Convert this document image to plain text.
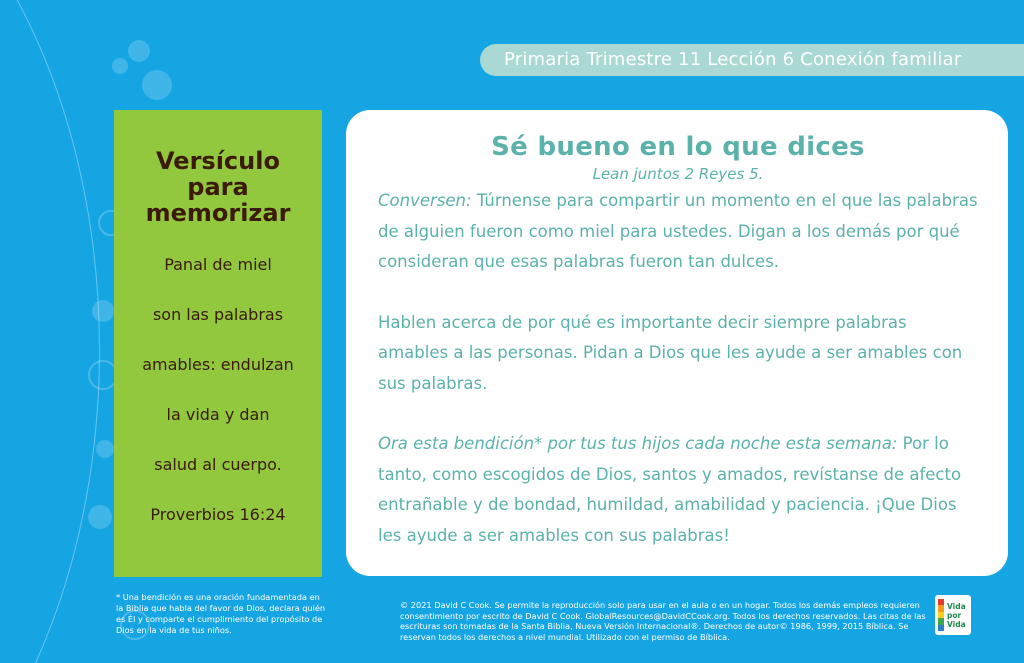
Primaria Trimestre 11 Lección 6 Conexión familiar
Versículo
para
memorizar
Panal de miel
son las palabras
amables: endulzan
la vida y dan
salud al cuerpo.
Proverbios 16:24
Sé bueno en lo que dices
Lean juntos 2 Reyes 5.

Conversen: Túrnense para compartir un momento en el que las palabras de alguien fueron como miel para ustedes. Digan a los demás por qué consideran que esas palabras fueron tan dulces.

Hablen acerca de por qué es importante decir siempre palabras amables a las personas. Pidan a Dios que les ayude a ser amables con sus palabras.

Ora esta bendición* por tus tus hijos cada noche esta semana: Por lo tanto, como escogidos de Dios, santos y amados, revístanse de afecto entrañable y de bondad, humildad, amabilidad y paciencia. ¡Que Dios les ayude a ser amables con sus palabras!

* Una bendición es una oración fundamentada en la Biblia que habla del favor de Dios, declara quién es Él y comparte el cumplimiento del propósito de Dios en la vida de tus niños.
© 2021 David C Cook. Se permite la reproducción solo para usar en el aula o en un hogar. Todos los demás empleos requieren consentimiento por escrito de David C Cook. GlobalResources@DavidCCook.org. Todos los derechos reservados. Las citas de las escrituras son tomadas de la Santa Biblia, Nueva Versión Internacional®. Derechos de autor© 1986, 1999, 2015 Bíblica. Se reservan todos los derechos a nivel mundial. Utilizado con el permiso de Bíblica.
Vida
por
Vida
